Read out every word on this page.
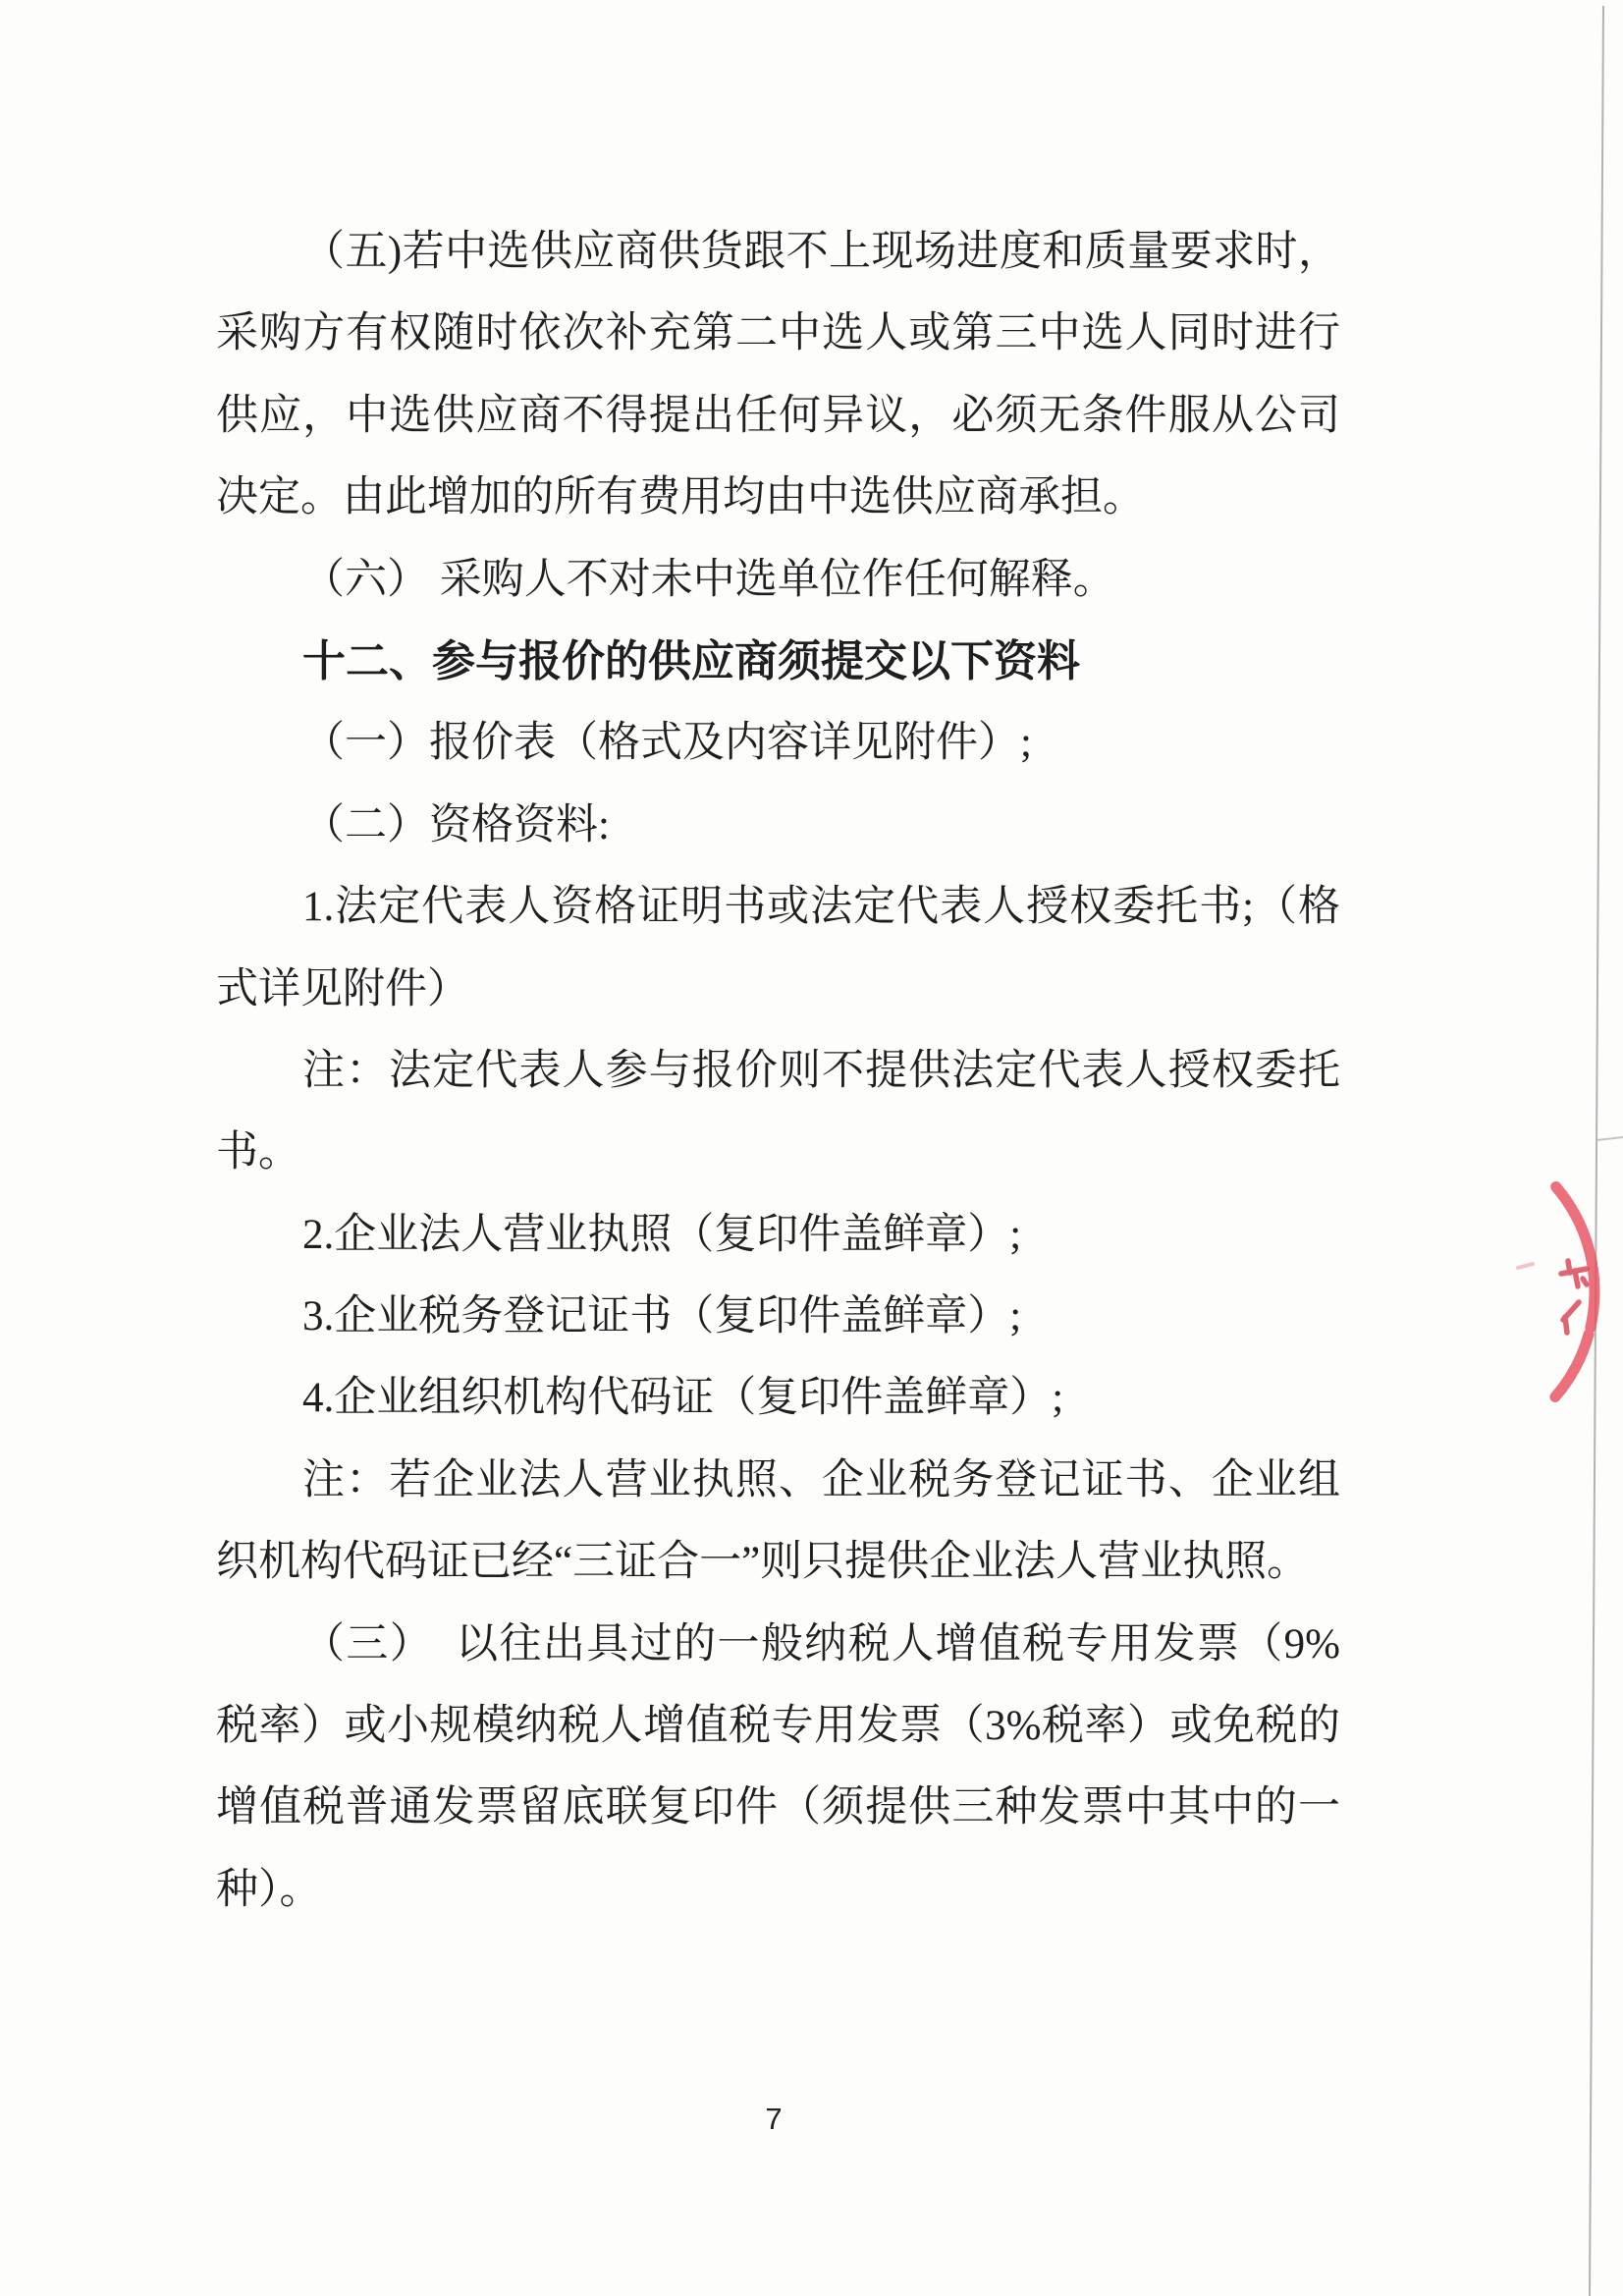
（五)若中选供应商供货跟不上现场进度和质量要求时，
采购方有权随时依次补充第二中选人或第三中选人同时进行
供应，中选供应商不得提出任何异议，必须无条件服从公司
决定。由此增加的所有费用均由中选供应商承担。
（六） 采购人不对未中选单位作任何解释。
十二、参与报价的供应商须提交以下资料
（一）报价表（格式及内容详见附件）;
（二）资格资料:
1.法定代表人资格证明书或法定代表人授权委托书;（格
式详见附件）
注：法定代表人参与报价则不提供法定代表人授权委托
书。
2.企业法人营业执照（复印件盖鲜章）;
3.企业税务登记证书（复印件盖鲜章）;
4.企业组织机构代码证（复印件盖鲜章）;
注：若企业法人营业执照、企业税务登记证书、企业组
织机构代码证已经“三证合一”则只提供企业法人营业执照。
（三）　以往出具过的一般纳税人增值税专用发票（9%
税率）或小规模纳税人增值税专用发票（3%税率）或免税的
增值税普通发票留底联复印件（须提供三种发票中其中的一
种）。
7
